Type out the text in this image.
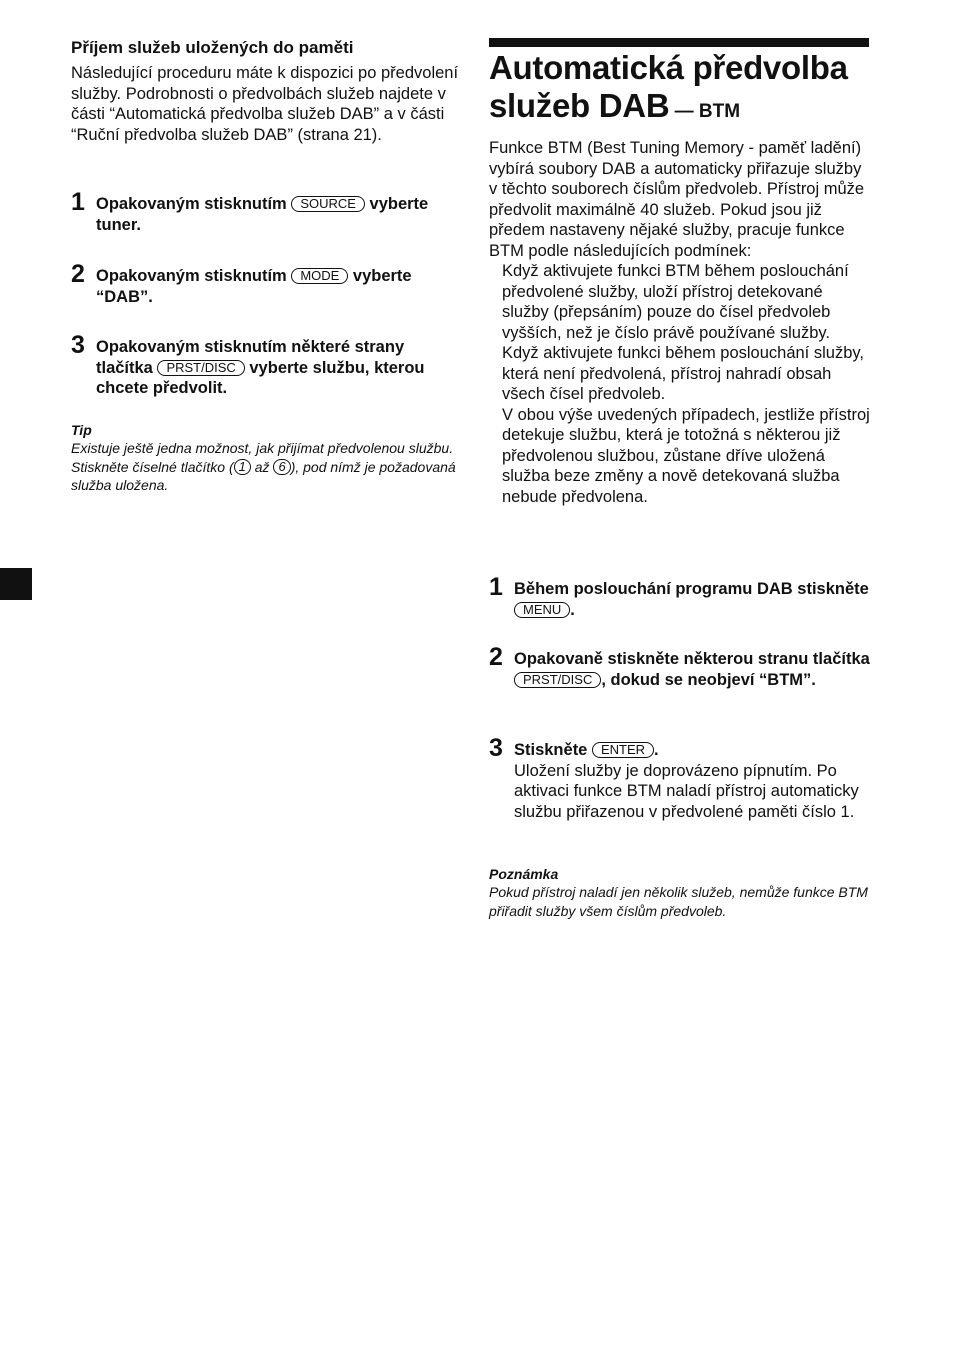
Příjem služeb uložených do paměti

Následující proceduru máte k dispozici po předvolení služby. Podrobnosti o předvolbách služeb najdete v části “Automatická předvolba služeb DAB” a v části “Ruční předvolba služeb DAB” (strana 21).

1 Opakovaným stisknutím SOURCE vyberte tuner.
2 Opakovaným stisknutím MODE vyberte “DAB”.
3 Opakovaným stisknutím některé strany tlačítka PRST/DISC vyberte službu, kterou chcete předvolit.
Tip
Existuje ještě jedna možnost, jak přijímat předvolenou službu.
Stiskněte číselné tlačítko ( 1 až 6 ), pod nímž je požadovaná služba uložena.
Automatická předvolba služeb DAB — BTM

Funkce BTM (Best Tuning Memory - paměť ladění) vybírá soubory DAB a automaticky přiřazuje služby v těchto souborech číslům předvoleb. Přístroj může předvolit maximálně 40 služeb. Pokud jsou již předem nastaveny nějaké služby, pracuje funkce BTM podle následujících podmínek:

Když aktivujete funkci BTM během poslouchání předvolené služby, uloží přístroj detekované služby (přepsáním) pouze do čísel předvoleb vyšších, než je číslo právě používané služby.

Když aktivujete funkci během poslouchání služby, která není předvolená, přístroj nahradí obsah všech čísel předvoleb.

V obou výše uvedených případech, jestliže přístroj detekuje službu, která je totožná s některou již předvolenou službou, zůstane dříve uložená služba beze změny a nově detekovaná služba nebude předvolena.

1 Během poslouchání programu DAB stiskněte MENU .
2 Opakovaně stiskněte některou stranu tlačítka PRST/DISC , dokud se neobjeví “BTM”.
3 Stiskněte ENTER .
Uložení služby je doprovázeno pípnutím. Po aktivaci funkce BTM naladí přístroj automaticky službu přiřazenou v předvolené paměti číslo 1.
Poznámka
Pokud přístroj naladí jen několik služeb, nemůže funkce BTM přiřadit služby všem číslům předvoleb.
